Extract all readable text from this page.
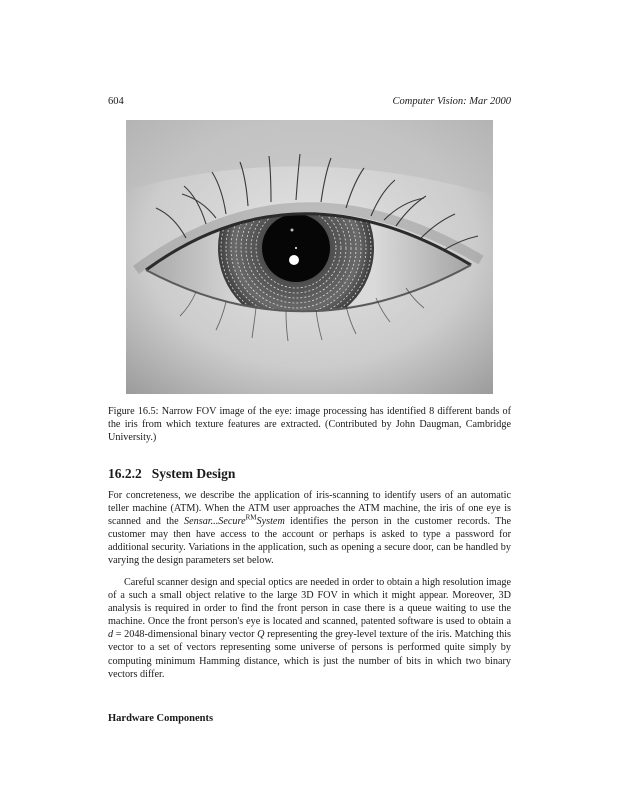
604	Computer Vision: Mar 2000
Figure 16.5: Narrow FOV image of the eye: image processing has identified 8 different bands of the iris from which texture features are extracted. (Contributed by John Daugman, Cambridge University.)
16.2.2 System Design
For concreteness, we describe the application of iris-scanning to identify users of an automatic teller machine (ATM). When the ATM user approaches the ATM machine, the iris of one eye is scanned and the Sensar...Secure$^{RM}$System identifies the person in the customer records. The customer may then have access to the account or perhaps is asked to type a password for additional security. Variations in the application, such as opening a secure door, can be handled by varying the design parameters set below.
Careful scanner design and special optics are needed in order to obtain a high resolution image of a such a small object relative to the large 3D FOV in which it might appear. Moreover, 3D analysis is required in order to find the front person in case there is a queue waiting to use the machine. Once the front person's eye is located and scanned, patented software is used to obtain a d = 2048-dimensional binary vector Q representing the grey-level texture of the iris. Matching this vector to a set of vectors representing some universe of persons is performed quite simply by computing minimum Hamming distance, which is just the number of bits in which two binary vectors differ.
Hardware Components
